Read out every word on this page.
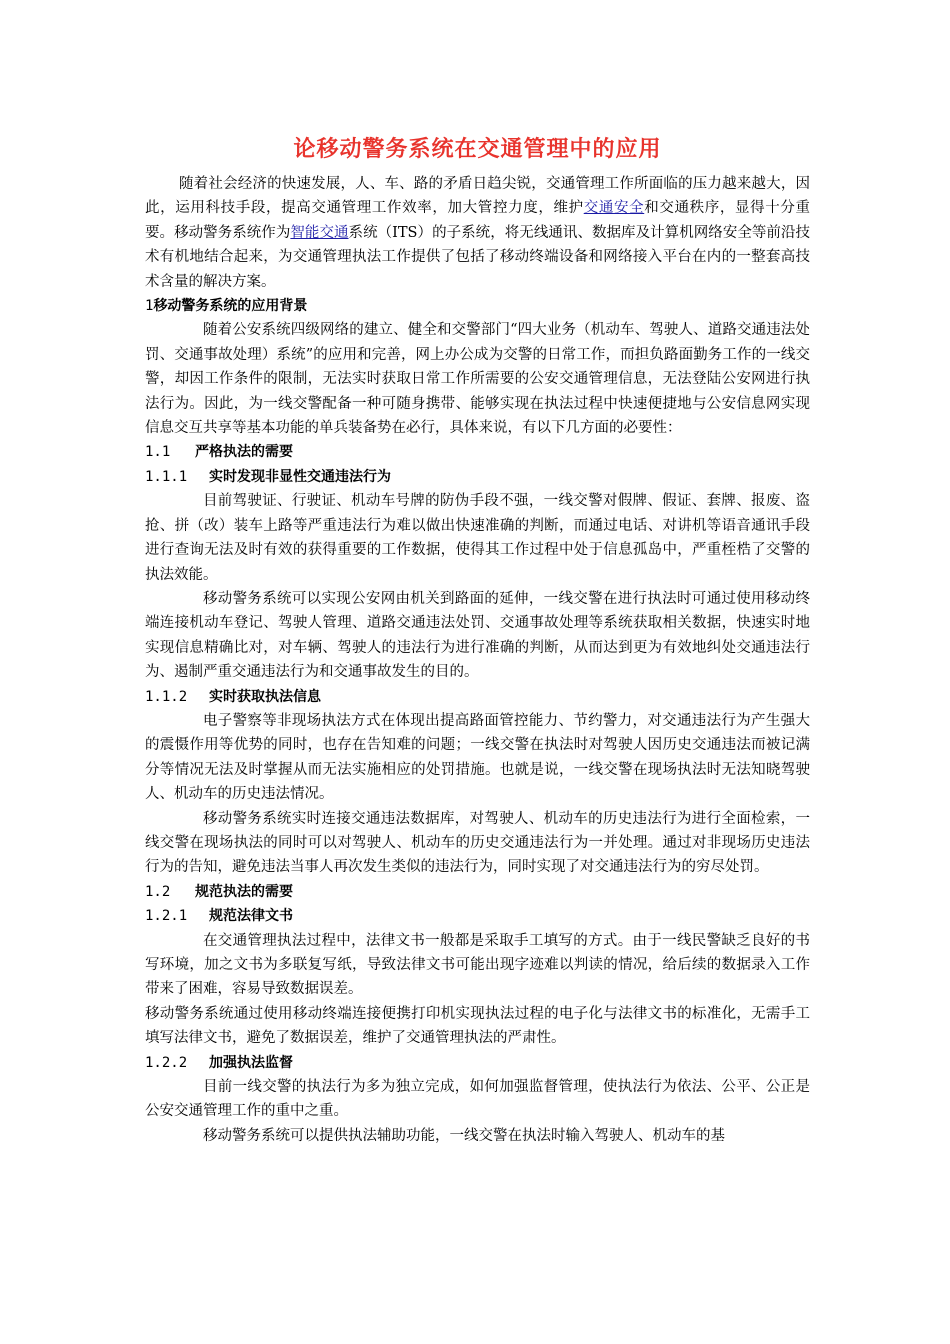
论移动警务系统在交通管理中的应用

随着社会经济的快速发展，人、车、路的矛盾日趋尖锐，交通管理工作所面临的压力越来越大，因此，运用科技手段，提高交通管理工作效率，加大管控力度，维护交通安全和交通秩序，显得十分重要。移动警务系统作为智能交通系统（ITS）的子系统，将无线通讯、数据库及计算机网络安全等前沿技术有机地结合起来，为交通管理执法工作提供了包括了移动终端设备和网络接入平台在内的一整套高技术含量的解决方案。

1移动警务系统的应用背景

随着公安系统四级网络的建立、健全和交警部门“四大业务（机动车、驾驶人、道路交通违法处罚、交通事故处理）系统”的应用和完善，网上办公成为交警的日常工作，而担负路面勤务工作的一线交警，却因工作条件的限制，无法实时获取日常工作所需要的公安交通管理信息，无法登陆公安网进行执法行为。因此，为一线交警配备一种可随身携带、能够实现在执法过程中快速便捷地与公安信息网实现信息交互共享等基本功能的单兵装备势在必行，具体来说，有以下几方面的必要性：

1.1 严格执法的需要

1.1.1 实时发现非显性交通违法行为

目前驾驶证、行驶证、机动车号牌的防伪手段不强，一线交警对假牌、假证、套牌、报废、盗抢、拼（改）装车上路等严重违法行为难以做出快速准确的判断，而通过电话、对讲机等语音通讯手段进行查询无法及时有效的获得重要的工作数据，使得其工作过程中处于信息孤岛中，严重桎梏了交警的执法效能。

移动警务系统可以实现公安网由机关到路面的延伸，一线交警在进行执法时可通过使用移动终端连接机动车登记、驾驶人管理、道路交通违法处罚、交通事故处理等系统获取相关数据，快速实时地实现信息精确比对，对车辆、驾驶人的违法行为进行准确的判断，从而达到更为有效地纠处交通违法行为、遏制严重交通违法行为和交通事故发生的目的。

1.1.2 实时获取执法信息

电子警察等非现场执法方式在体现出提高路面管控能力、节约警力，对交通违法行为产生强大的震慑作用等优势的同时，也存在告知难的问题；一线交警在执法时对驾驶人因历史交通违法而被记满分等情况无法及时掌握从而无法实施相应的处罚措施。也就是说，一线交警在现场执法时无法知晓驾驶人、机动车的历史违法情况。

移动警务系统实时连接交通违法数据库，对驾驶人、机动车的历史违法行为进行全面检索，一线交警在现场执法的同时可以对驾驶人、机动车的历史交通违法行为一并处理。通过对非现场历史违法行为的告知，避免违法当事人再次发生类似的违法行为，同时实现了对交通违法行为的穷尽处罚。

1.2 规范执法的需要

1.2.1 规范法律文书

在交通管理执法过程中，法律文书一般都是采取手工填写的方式。由于一线民警缺乏良好的书写环境，加之文书为多联复写纸，导致法律文书可能出现字迹难以判读的情况，给后续的数据录入工作带来了困难，容易导致数据误差。

移动警务系统通过使用移动终端连接便携打印机实现执法过程的电子化与法律文书的标准化，无需手工填写法律文书，避免了数据误差，维护了交通管理执法的严肃性。

1.2.2 加强执法监督

目前一线交警的执法行为多为独立完成，如何加强监督管理，使执法行为依法、公平、公正是公安交通管理工作的重中之重。

移动警务系统可以提供执法辅助功能，一线交警在执法时输入驾驶人、机动车的基
